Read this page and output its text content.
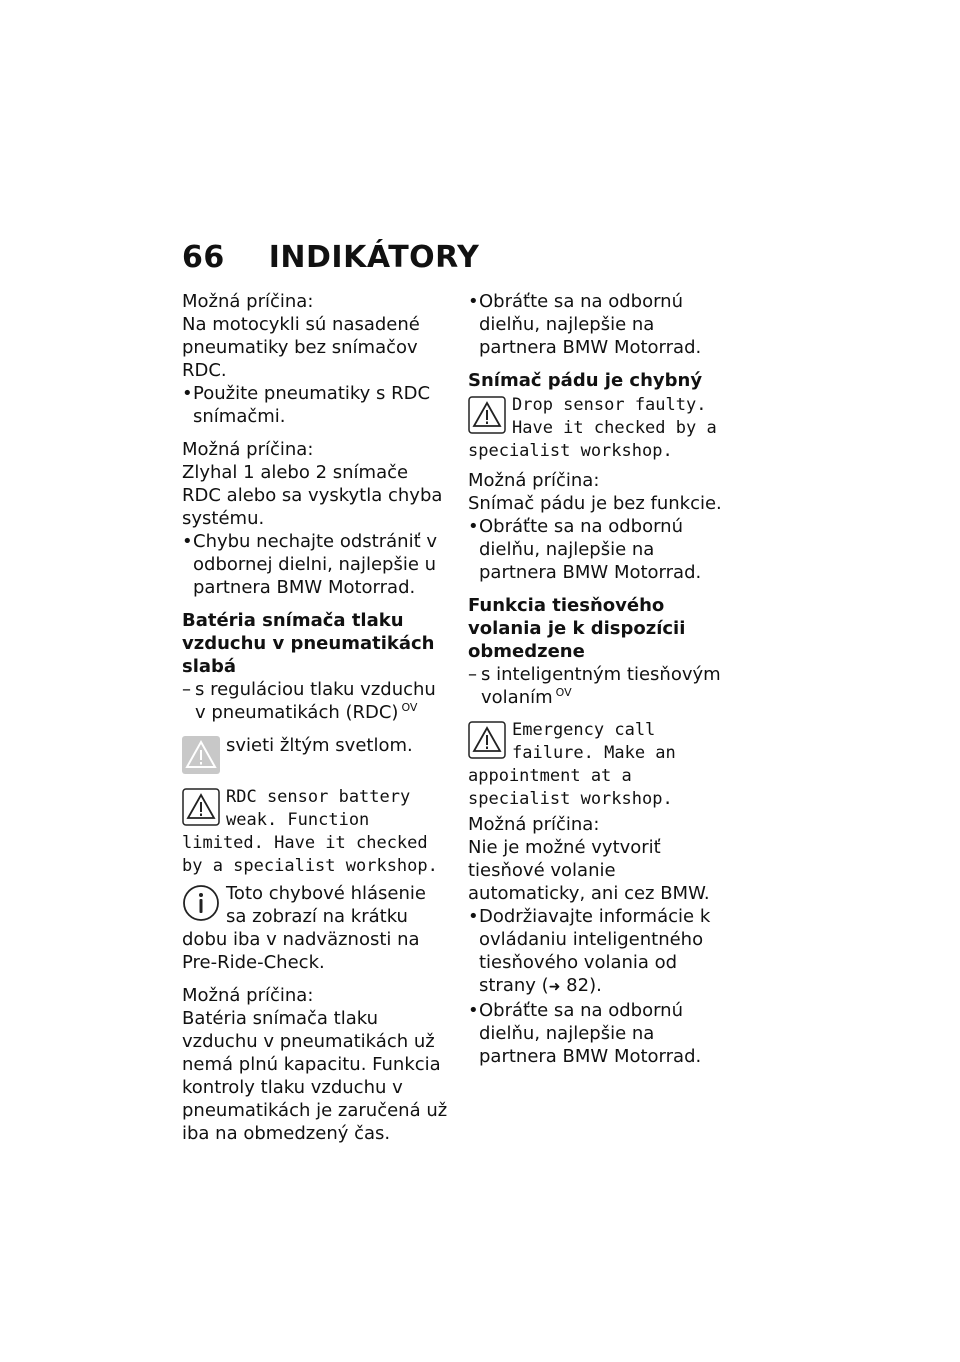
66 INDIKÁTORY

Možná príčina:

Na motocykli sú nasadené pneumatiky bez snímačov RDC.

• Použite pneumatiky s RDC snímačmi.

Možná príčina:

Zlyhal 1 alebo 2 snímače RDC alebo sa vyskytla chyba systému.

• Chybu nechajte odstrániť v odbornej dielni, najlepšie u partnera BMW Motorrad.

Batéria snímača tlaku vzduchu v pneumatikách slabá

– s reguláciou tlaku vzduchu v pneumatikách (RDC) $^{OV}$

svieti žltým svetlom.

RDC sensor battery weak. Function limited. Have it checked by a specialist workshop.

Toto chybové hlásenie sa zobrazí na krátku dobu iba v nadväznosti na Pre-Ride-Check.

Možná príčina:

Batéria snímača tlaku vzduchu v pneumatikách už nemá plnú kapacitu. Funkcia kontroly tlaku vzduchu v pneumatikách je zaručená už iba na obmedzený čas.

• Obráťte sa na odbornú dielňu, najlepšie na partnera BMW Motorrad.

Snímač pádu je chybný

Drop sensor faulty. Have it checked by a specialist workshop.

Možná príčina:

Snímač pádu je bez funkcie.

• Obráťte sa na odbornú dielňu, najlepšie na partnera BMW Motorrad.

Funkcia tiesňového volania je k dispozícii obmedzene

– s inteligentným tiesňovým volaním $^{OV}$

Emergency call failure. Make an appointment at a specialist workshop.

Možná príčina:

Nie je možné vytvoriť tiesňové volanie automaticky, ani cez BMW.

• Dodržiavajte informácie k ovládaniu inteligentného tiesňového volania od strany (➜ 82).

• Obráťte sa na odbornú dielňu, najlepšie na partnera BMW Motorrad.
